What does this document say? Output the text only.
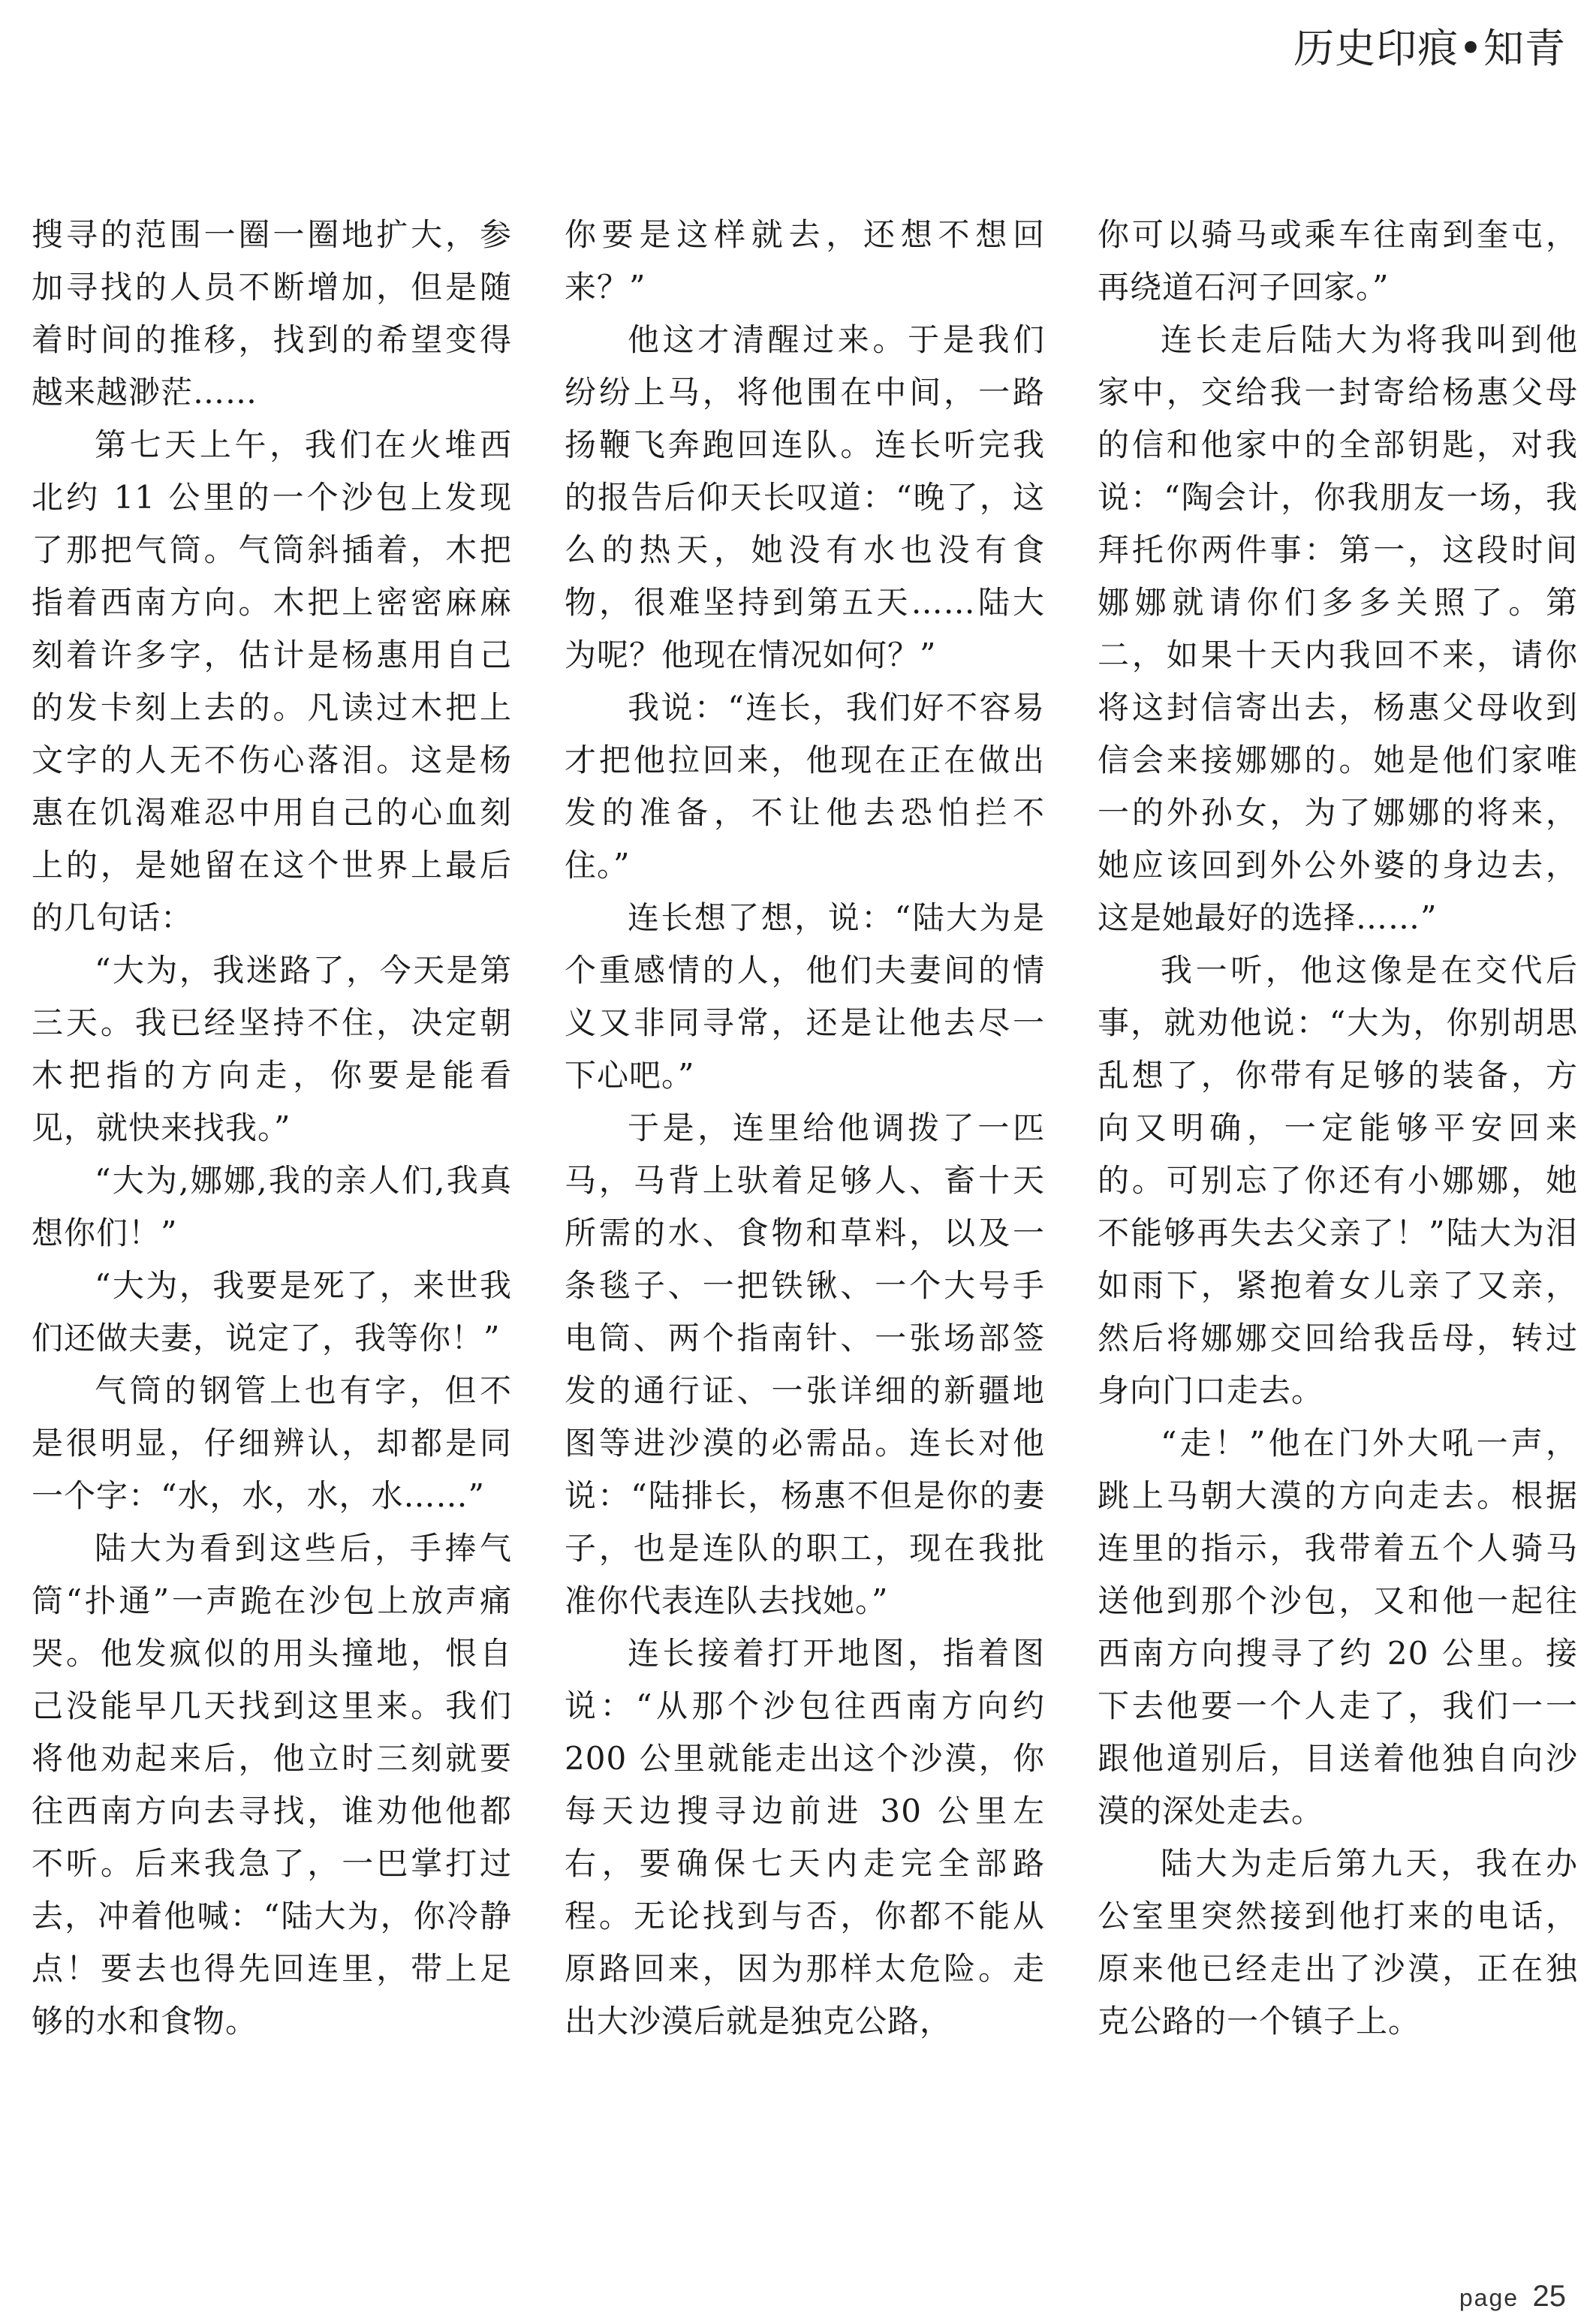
历史印痕•知青

搜寻的范围一圈一圈地扩大，参加寻找的人员不断增加，但是随着时间的推移，找到的希望变得越来越渺茫……

第七天上午，我们在火堆西北约 11 公里的一个沙包上发现了那把气筒。气筒斜插着，木把指着西南方向。木把上密密麻麻刻着许多字，估计是杨惠用自己的发卡刻上去的。凡读过木把上文字的人无不伤心落泪。这是杨惠在饥渴难忍中用自己的心血刻上的，是她留在这个世界上最后的几句话：

“大为，我迷路了，今天是第三天。我已经坚持不住，决定朝木把指的方向走，你要是能看见，就快来找我。”

“大为,娜娜,我的亲人们,我真想你们！”

“大为，我要是死了，来世我们还做夫妻，说定了，我等你！”

气筒的钢管上也有字，但不是很明显，仔细辨认，却都是同一个字：“水，水，水，水……”

陆大为看到这些后，手捧气筒“扑通”一声跪在沙包上放声痛哭。他发疯似的用头撞地，恨自己没能早几天找到这里来。我们将他劝起来后，他立时三刻就要往西南方向去寻找，谁劝他他都不听。后来我急了，一巴掌打过去，冲着他喊：“陆大为，你冷静点！要去也得先回连里，带上足够的水和食物。

你要是这样就去，还想不想回来？”

他这才清醒过来。于是我们纷纷上马，将他围在中间，一路扬鞭飞奔跑回连队。连长听完我的报告后仰天长叹道：“晚了，这么的热天，她没有水也没有食物，很难坚持到第五天……陆大为呢？他现在情况如何？”

我说：“连长，我们好不容易才把他拉回来，他现在正在做出发的准备，不让他去恐怕拦不住。”

连长想了想，说：“陆大为是个重感情的人，他们夫妻间的情义又非同寻常，还是让他去尽一下心吧。”

于是，连里给他调拨了一匹马，马背上驮着足够人、畜十天所需的水、食物和草料，以及一条毯子、一把铁锹、一个大号手电筒、两个指南针、一张场部签发的通行证、一张详细的新疆地图等进沙漠的必需品。连长对他说：“陆排长，杨惠不但是你的妻子，也是连队的职工，现在我批准你代表连队去找她。”

连长接着打开地图，指着图说：“从那个沙包往西南方向约 200 公里就能走出这个沙漠，你每天边搜寻边前进 30 公里左右，要确保七天内走完全部路程。无论找到与否，你都不能从原路回来，因为那样太危险。走出大沙漠后就是独克公路，

你可以骑马或乘车往南到奎屯，再绕道石河子回家。”

连长走后陆大为将我叫到他家中，交给我一封寄给杨惠父母的信和他家中的全部钥匙，对我说：“陶会计，你我朋友一场，我拜托你两件事：第一，这段时间娜娜就请你们多多关照了。第二，如果十天内我回不来，请你将这封信寄出去，杨惠父母收到信会来接娜娜的。她是他们家唯一的外孙女，为了娜娜的将来，她应该回到外公外婆的身边去，这是她最好的选择……”

我一听，他这像是在交代后事，就劝他说：“大为，你别胡思乱想了，你带有足够的装备，方向又明确，一定能够平安回来的。可别忘了你还有小娜娜，她不能够再失去父亲了！”陆大为泪如雨下，紧抱着女儿亲了又亲，然后将娜娜交回给我岳母，转过身向门口走去。

“走！”他在门外大吼一声，跳上马朝大漠的方向走去。根据连里的指示，我带着五个人骑马送他到那个沙包，又和他一起往西南方向搜寻了约 20 公里。接下去他要一个人走了，我们一一跟他道别后，目送着他独自向沙漠的深处走去。

陆大为走后第九天，我在办公室里突然接到他打来的电话，原来他已经走出了沙漠，正在独克公路的一个镇子上。

page 25
